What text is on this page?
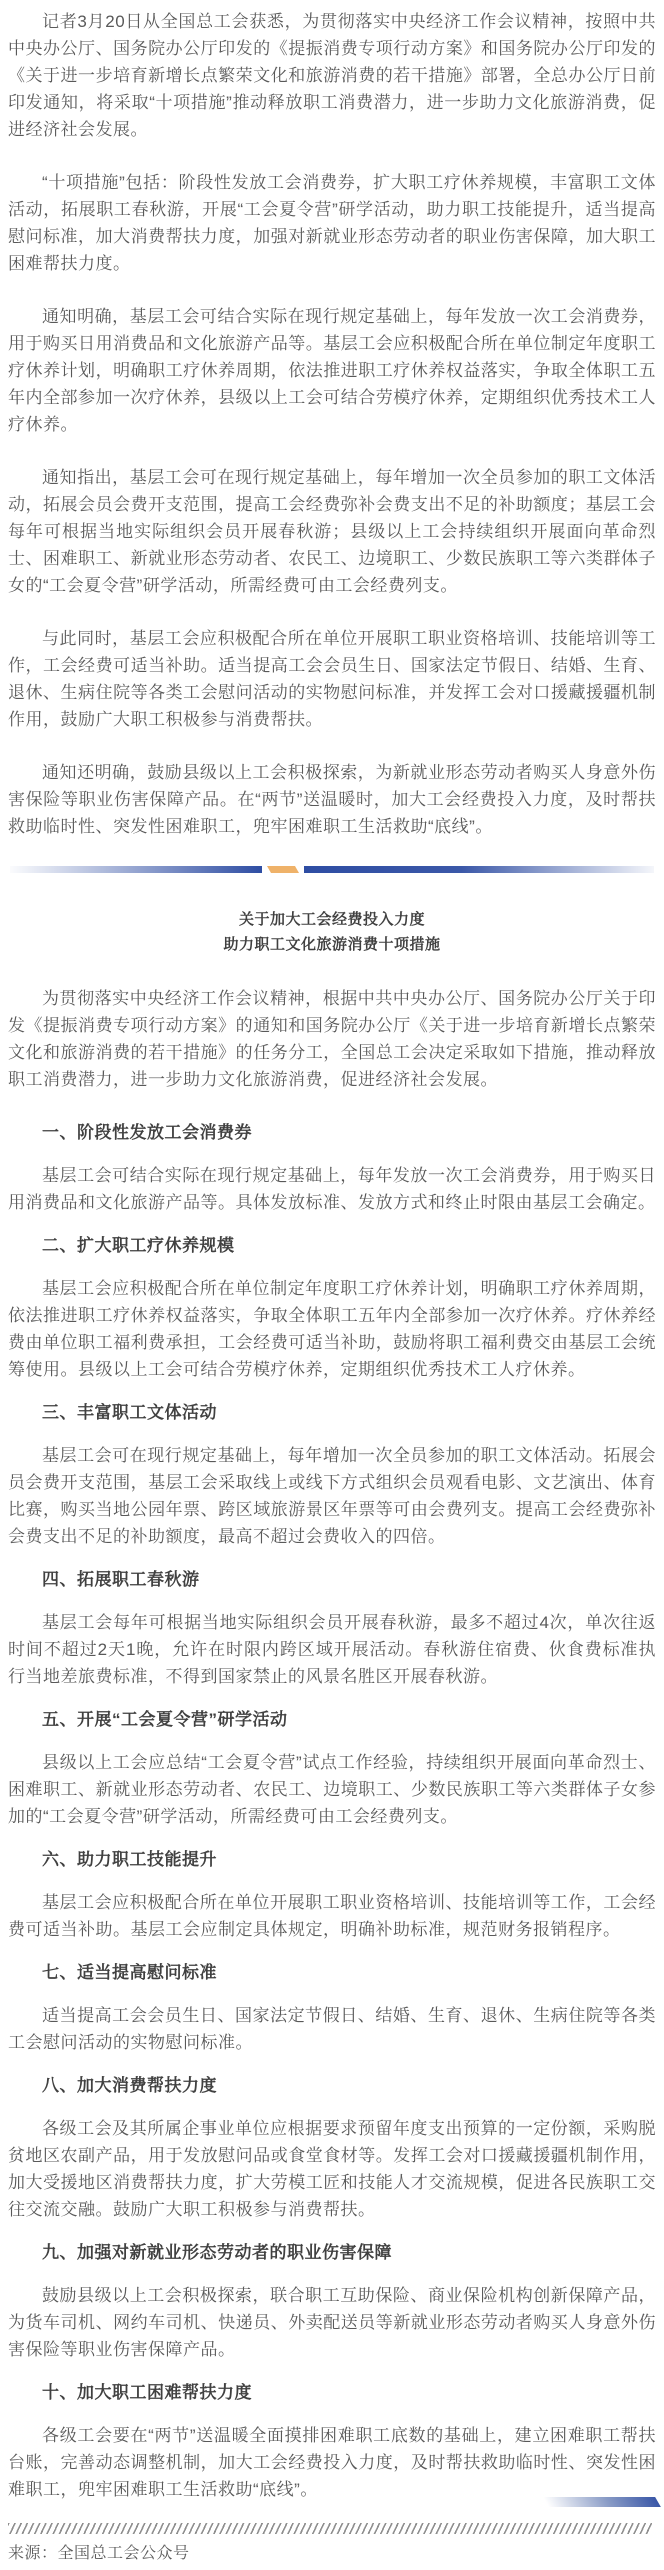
记者3月20日从全国总工会获悉，为贯彻落实中央经济工作会议精神，按照中共中央办公厅、国务院办公厅印发的《提振消费专项行动方案》和国务院办公厅印发的《关于进一步培育新增长点繁荣文化和旅游消费的若干措施》部署，全总办公厅日前印发通知，将采取“十项措施”推动释放职工消费潜力，进一步助力文化旅游消费，促进经济社会发展。

“十项措施”包括：阶段性发放工会消费券，扩大职工疗休养规模，丰富职工文体活动，拓展职工春秋游，开展“工会夏令营”研学活动，助力职工技能提升，适当提高慰问标准，加大消费帮扶力度，加强对新就业形态劳动者的职业伤害保障，加大职工困难帮扶力度。

通知明确，基层工会可结合实际在现行规定基础上，每年发放一次工会消费券，用于购买日用消费品和文化旅游产品等。基层工会应积极配合所在单位制定年度职工疗休养计划，明确职工疗休养周期，依法推进职工疗休养权益落实，争取全体职工五年内全部参加一次疗休养，县级以上工会可结合劳模疗休养，定期组织优秀技术工人疗休养。

通知指出，基层工会可在现行规定基础上，每年增加一次全员参加的职工文体活动，拓展会员会费开支范围，提高工会经费弥补会费支出不足的补助额度；基层工会每年可根据当地实际组织会员开展春秋游；县级以上工会持续组织开展面向革命烈士、困难职工、新就业形态劳动者、农民工、边境职工、少数民族职工等六类群体子女的“工会夏令营”研学活动，所需经费可由工会经费列支。

与此同时，基层工会应积极配合所在单位开展职工职业资格培训、技能培训等工作，工会经费可适当补助。适当提高工会会员生日、国家法定节假日、结婚、生育、退休、生病住院等各类工会慰问活动的实物慰问标准，并发挥工会对口援藏援疆机制作用，鼓励广大职工积极参与消费帮扶。

通知还明确，鼓励县级以上工会积极探索，为新就业形态劳动者购买人身意外伤害保险等职业伤害保障产品。在“两节”送温暖时，加大工会经费投入力度，及时帮扶救助临时性、突发性困难职工，兜牢困难职工生活救助“底线”。

关于加大工会经费投入力度

助力职工文化旅游消费十项措施

为贯彻落实中央经济工作会议精神，根据中共中央办公厅、国务院办公厅关于印发《提振消费专项行动方案》的通知和国务院办公厅《关于进一步培育新增长点繁荣文化和旅游消费的若干措施》的任务分工，全国总工会决定采取如下措施，推动释放职工消费潜力，进一步助力文化旅游消费，促进经济社会发展。

一、阶段性发放工会消费券

基层工会可结合实际在现行规定基础上，每年发放一次工会消费券，用于购买日用消费品和文化旅游产品等。具体发放标准、发放方式和终止时限由基层工会确定。

二、扩大职工疗休养规模

基层工会应积极配合所在单位制定年度职工疗休养计划，明确职工疗休养周期，依法推进职工疗休养权益落实，争取全体职工五年内全部参加一次疗休养。疗休养经费由单位职工福利费承担，工会经费可适当补助，鼓励将职工福利费交由基层工会统筹使用。县级以上工会可结合劳模疗休养，定期组织优秀技术工人疗休养。

三、丰富职工文体活动

基层工会可在现行规定基础上，每年增加一次全员参加的职工文体活动。拓展会员会费开支范围，基层工会采取线上或线下方式组织会员观看电影、文艺演出、体育比赛，购买当地公园年票、跨区域旅游景区年票等可由会费列支。提高工会经费弥补会费支出不足的补助额度，最高不超过会费收入的四倍。

四、拓展职工春秋游

基层工会每年可根据当地实际组织会员开展春秋游，最多不超过4次，单次往返时间不超过2天1晚，允许在时限内跨区域开展活动。春秋游住宿费、伙食费标准执行当地差旅费标准，不得到国家禁止的风景名胜区开展春秋游。

五、开展“工会夏令营”研学活动

县级以上工会应总结“工会夏令营”试点工作经验，持续组织开展面向革命烈士、困难职工、新就业形态劳动者、农民工、边境职工、少数民族职工等六类群体子女参加的“工会夏令营”研学活动，所需经费可由工会经费列支。

六、助力职工技能提升

基层工会应积极配合所在单位开展职工职业资格培训、技能培训等工作，工会经费可适当补助。基层工会应制定具体规定，明确补助标准，规范财务报销程序。

七、适当提高慰问标准

适当提高工会会员生日、国家法定节假日、结婚、生育、退休、生病住院等各类工会慰问活动的实物慰问标准。

八、加大消费帮扶力度

各级工会及其所属企事业单位应根据要求预留年度支出预算的一定份额，采购脱贫地区农副产品，用于发放慰问品或食堂食材等。发挥工会对口援藏援疆机制作用，加大受援地区消费帮扶力度，扩大劳模工匠和技能人才交流规模，促进各民族职工交往交流交融。鼓励广大职工积极参与消费帮扶。

九、加强对新就业形态劳动者的职业伤害保障

鼓励县级以上工会积极探索，联合职工互助保险、商业保险机构创新保障产品，为货车司机、网约车司机、快递员、外卖配送员等新就业形态劳动者购买人身意外伤害保险等职业伤害保障产品。

十、加大职工困难帮扶力度

各级工会要在“两节”送温暖全面摸排困难职工底数的基础上，建立困难职工帮扶台账，完善动态调整机制，加大工会经费投入力度，及时帮扶救助临时性、突发性困难职工，兜牢困难职工生活救助“底线”。

来源：全国总工会公众号
